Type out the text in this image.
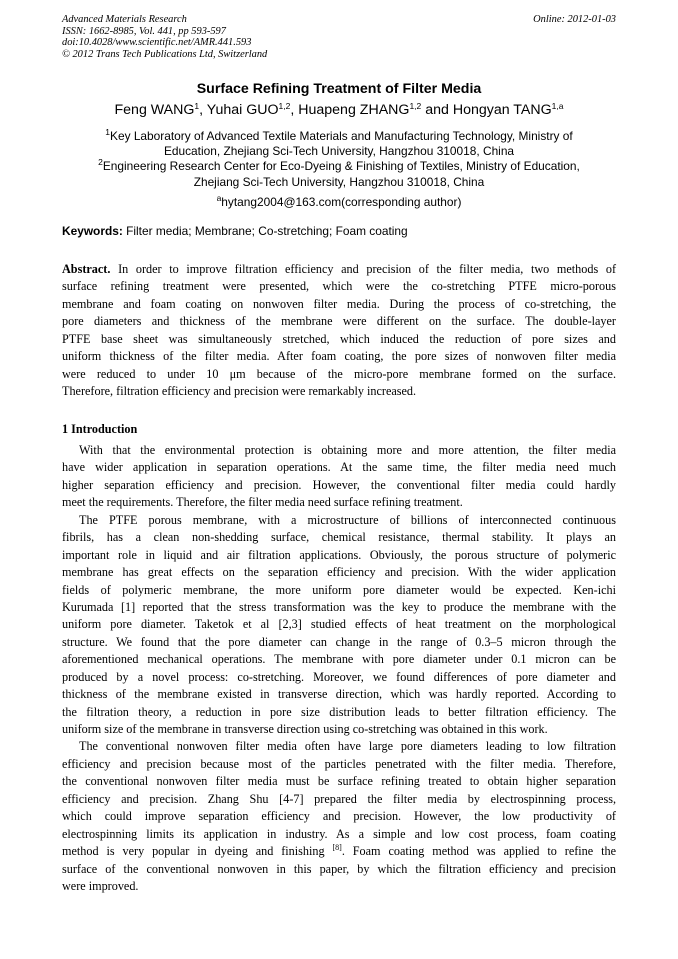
Advanced Materials Research
ISSN: 1662-8985, Vol. 441, pp 593-597
doi:10.4028/www.scientific.net/AMR.441.593
© 2012 Trans Tech Publications Ltd, Switzerland
Online: 2012-01-03
Surface Refining Treatment of Filter Media
Feng WANG$^1$, Yuhai GUO$^{1,2}$, Huapeng ZHANG$^{1,2}$ and Hongyan TANG$^{1,a}$
$^1$Key Laboratory of Advanced Textile Materials and Manufacturing Technology, Ministry of
Education, Zhejiang Sci-Tech University, Hangzhou 310018, China
$^2$Engineering Research Center for Eco-Dyeing & Finishing of Textiles, Ministry of Education,
Zhejiang Sci-Tech University, Hangzhou 310018, China
$^a$hytang2004@163.com(corresponding author)
Keywords: Filter media; Membrane; Co-stretching; Foam coating
Abstract. In order to improve filtration efficiency and precision of the filter media, two methods of
surface refining treatment were presented, which were the co-stretching PTFE micro-porous
membrane and foam coating on nonwoven filter media. During the process of co-stretching, the
pore diameters and thickness of the membrane were different on the surface. The double-layer
PTFE base sheet was simultaneously stretched, which induced the reduction of pore sizes and
uniform thickness of the filter media. After foam coating, the pore sizes of nonwoven filter media
were reduced to under 10 μm because of the micro-pore membrane formed on the surface.
Therefore, filtration efficiency and precision were remarkably increased.
1 Introduction
With that the environmental protection is obtaining more and more attention, the filter media
have wider application in separation operations. At the same time, the filter media need much
higher separation efficiency and precision. However, the conventional filter media could hardly
meet the requirements. Therefore, the filter media need surface refining treatment.
The PTFE porous membrane, with a microstructure of billions of interconnected continuous
fibrils, has a clean non-shedding surface, chemical resistance, thermal stability. It plays an
important role in liquid and air filtration applications. Obviously, the porous structure of polymeric
membrane has great effects on the separation efficiency and precision. With the wider application
fields of polymeric membrane, the more uniform pore diameter would be expected. Ken-ichi
Kurumada [1] reported that the stress transformation was the key to produce the membrane with the
uniform pore diameter. Taketok et al [2,3] studied effects of heat treatment on the morphological
structure. We found that the pore diameter can change in the range of 0.3–5 micron through the
aforementioned mechanical operations. The membrane with pore diameter under 0.1 micron can be
produced by a novel process: co-stretching. Moreover, we found differences of pore diameter and
thickness of the membrane existed in transverse direction, which was hardly reported. According to
the filtration theory, a reduction in pore size distribution leads to better filtration efficiency. The
uniform size of the membrane in transverse direction using co-stretching was obtained in this work.
The conventional nonwoven filter media often have large pore diameters leading to low filtration
efficiency and precision because most of the particles penetrated with the filter media. Therefore,
the conventional nonwoven filter media must be surface refining treated to obtain higher separation
efficiency and precision. Zhang Shu [4-7] prepared the filter media by electrospinning process,
which could improve separation efficiency and precision. However, the low productivity of
electrospinning limits its application in industry. As a simple and low cost process, foam coating
method is very popular in dyeing and finishing [8]. Foam coating method was applied to refine the
surface of the conventional nonwoven in this paper, by which the filtration efficiency and precision
were improved.
